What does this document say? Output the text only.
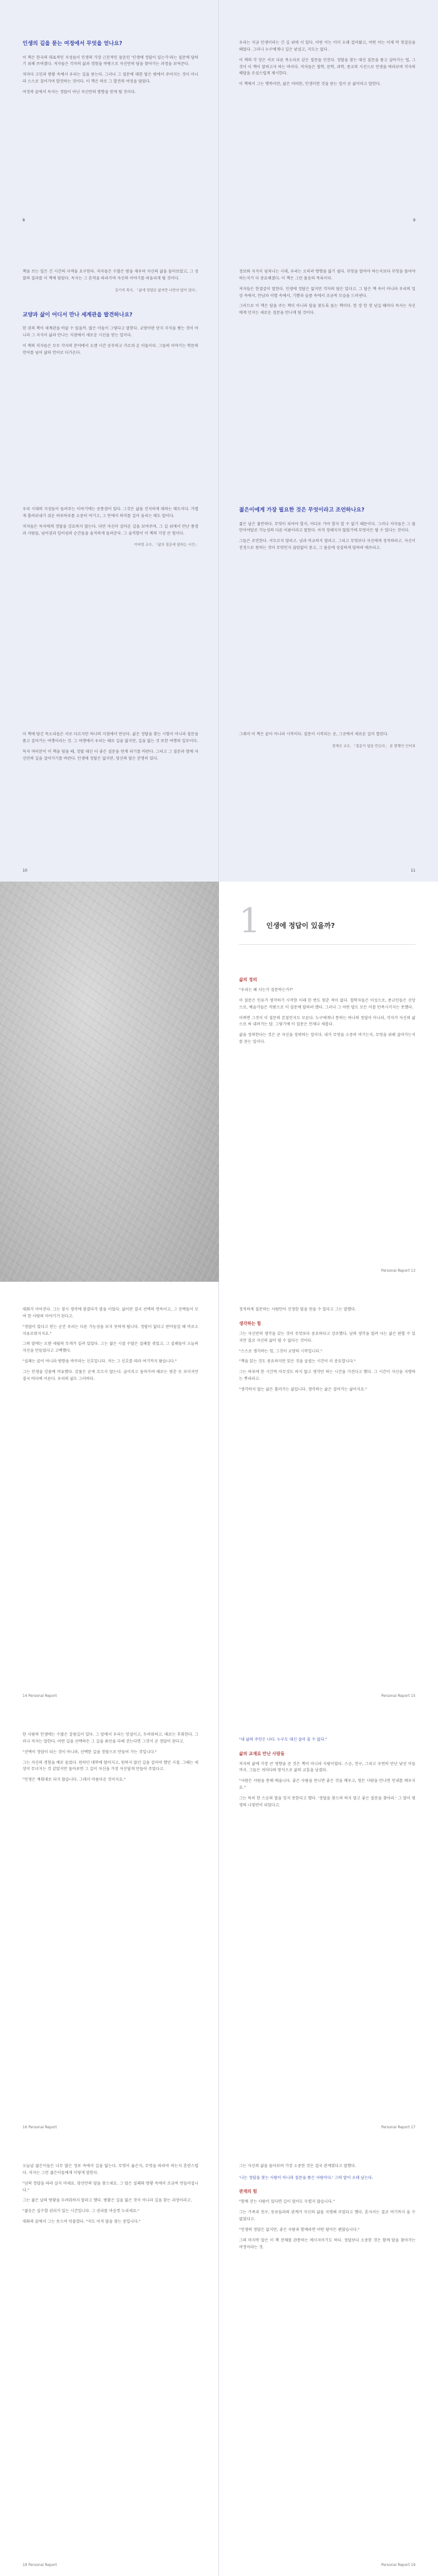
인생의 길을 묻는 여정에서 무엇을 얻나요?

이 책은 한국의 대표적인 지성들이 인생의 가장 근본적인 물음인 '인생에 정답이 있는가'라는 질문에 답하기 위해 쓰여졌다. 저자들은 각자의 삶과 경험을 바탕으로 자신만의 답을 찾아가는 과정을 보여준다.

저마다 고민과 방황 속에서 우리는 길을 묻는다. 그러나 그 질문에 대한 답은 밖에서 주어지는 것이 아니라 스스로 걸어가며 발견하는 것이다. 이 책은 바로 그 발견의 여정을 담았다.

여정의 끝에서 독자는 정답이 아닌 자신만의 방향을 얻게 될 것이다.

8

우리는 지금 인생이라는 긴 길 위에 서 있다. 어떤 이는 이미 오래 걸어왔고, 어떤 이는 이제 막 첫걸음을 떼었다. 그러나 누구에게나 길은 낯설고, 지도는 없다.

이 책의 각 장은 서로 다른 목소리로 같은 질문을 던진다. 정답을 찾는 대신 질문을 품고 살아가는 법, 그것이 이 책이 말하고자 하는 바이다. 저자들은 철학, 문학, 과학, 종교의 시선으로 인생을 바라보며 각자의 해답을 조심스럽게 제시한다.

이 책에서 그는 행복이란, 삶은 어떠한, 인생이란 것을 묻는 일이 곧 삶이라고 말한다.

9

책을 쓰는 일은 긴 시간의 사색을 요구한다. 저자들은 수많은 밤을 새우며 자신의 삶을 돌아보았고, 그 성찰의 결과를 이 책에 담았다. 독자는 그 흔적을 따라가며 자신의 이야기를 떠올리게 될 것이다.

김기석 목사, 「삶에 정답은 없지만 나만의 답이 있다」
교양과 삶이 어디서 만나 세계관을 발견하나요?

한 권의 책이 세계관을 바꿀 수 있을까. 많은 이들이 그렇다고 말한다. 교양이란 단지 지식을 쌓는 것이 아니라 그 지식이 삶과 만나는 지점에서 새로운 시선을 얻는 일이다.

이 책의 저자들은 모두 각자의 분야에서 오랜 시간 공부하고 가르쳐 온 이들이다. 그들의 이야기는 학문의 언어를 넘어 삶의 언어로 다가온다.

정보와 지식이 넘쳐나는 시대, 우리는 오히려 방향을 잃기 쉽다. 무엇을 알아야 하는지보다 무엇을 물어야 하는지가 더 중요해졌다. 이 책은 그런 물음의 목록이다.

저자들은 한결같이 말한다. 인생에 정답은 없지만 각자의 답은 있다고. 그 답은 책 속이 아니라 우리의 일상 속에서, 만남과 이별 속에서, 기쁨과 슬픔 속에서 조금씩 모습을 드러낸다.

그러므로 이 책은 답을 주는 책이 아니라 답을 찾도록 돕는 책이다. 한 장 한 장 넘길 때마다 독자는 자신에게 던지는 새로운 질문을 만나게 될 것이다.

우리 시대의 지성들이 들려주는 이야기에는 공통점이 있다. 그것은 삶을 진지하게 대하는 태도이다. 가볍게 흘려보내기 쉬운 하루하루를 소중히 여기고, 그 안에서 의미를 길어 올리는 태도 말이다.

저자들은 독자에게 정답을 강요하지 않는다. 다만 자신이 걸어온 길을 보여주며, 그 길 위에서 만난 풍경과 사람들, 넘어짐과 일어섬의 순간들을 솔직하게 들려준다. 그 솔직함이 이 책의 가장 큰 힘이다.

이어령 교수, 「삶의 질문에 답하는 시간」
젊은이에게 가장 필요한 것은 무엇이라고 조언하나요?

젊은 날은 불안하다. 무엇이 되어야 할지, 어디로 가야 할지 알 수 없기 때문이다. 그러나 저자들은 그 불안이야말로 가능성의 다른 이름이라고 말한다. 아직 정해지지 않았기에 무엇이든 될 수 있다는 것이다.

그들은 조언한다. 서두르지 말라고. 남과 비교하지 말라고. 그리고 무엇보다 자신에게 정직하라고. 자신이 진정으로 원하는 것이 무엇인지 끊임없이 묻고, 그 물음에 성실하게 답하려 애쓰라고.

이 책에 담긴 목소리들은 서로 다르지만 하나의 지점에서 만난다. 삶은 정답을 찾는 시험이 아니라 질문을 품고 걸어가는 여행이라는 것. 그 여행에서 우리는 때로 길을 잃지만, 길을 잃는 것 또한 여행의 일부이다.

독자 여러분이 이 책을 덮을 때, 정답 대신 더 좋은 질문을 얻게 되기를 바란다. 그리고 그 질문과 함께 자신만의 길을 걸어가기를 바란다. 인생에 정답은 없지만, 당신의 답은 분명히 있다.

10

그래서 이 책은 끝이 아니라 시작이다. 질문이 시작되는 곳, 그곳에서 새로운 길이 열린다.

정재승 교수, 「질문이 답을 만든다」 본 발행인 인터뷰
11
1 인생에 정답이 있을까?
삶의 정의

"우리는 왜 사는가 질문하는가?"

이 질문은 인류가 생각하기 시작한 이래 한 번도 멈춘 적이 없다. 철학자들은 이성으로, 종교인들은 신앙으로, 예술가들은 작품으로 이 질문에 답하려 했다. 그러나 그 어떤 답도 모든 이를 만족시키지는 못했다.

어쩌면 그것이 이 질문의 본질인지도 모른다. 누구에게나 통하는 하나의 정답이 아니라, 각자가 자신의 삶으로 써 내려가는 답. 그렇기에 이 질문은 언제나 새롭다.

삶을 정의한다는 것은 곧 자신을 정의하는 일이다. 내가 무엇을 소중히 여기는지, 무엇을 위해 살아가는지를 묻는 일이다.

Personal Report 13

대화가 이어진다. 그는 잠시 생각에 잠겼다가 말을 이었다. 삶이란 결국 선택의 연속이고, 그 선택들이 모여 한 사람의 이야기가 된다고.

"정답이 있다고 믿는 순간 우리는 다른 가능성을 보지 못하게 됩니다. 정답이 없다고 받아들일 때 비로소 자유로워지지요."

그의 말에는 오랜 세월의 무게가 실려 있었다. 그는 젊은 시절 수많은 실패를 겪었고, 그 실패들이 오늘의 자신을 만들었다고 고백했다.

"실패는 끝이 아니라 방향을 바꾸라는 신호입니다. 저는 그 신호를 따라 여기까지 왔습니다."

그는 인생을 강물에 비유했다. 강물은 곧게 흐르지 않는다. 굽이치고 돌아가며 때로는 멈춘 듯 보이지만 결국 바다에 이른다. 우리의 삶도 그러하다.

14 Personal Report

정직하게 질문하는 사람만이 진정한 답을 얻을 수 있다고 그는 말했다.

생각하는 힘

그는 자신만의 생각을 갖는 것이 무엇보다 중요하다고 강조했다. 남의 생각을 빌려 사는 삶은 편할 수 있지만 결코 자신의 삶이 될 수 없다는 것이다.

"스스로 생각하는 힘, 그것이 교양의 시작입니다."

"책을 읽는 것도 중요하지만 읽은 것을 곱씹는 시간이 더 중요합니다."

그는 하루에 한 시간씩 아무것도 하지 않고 생각만 하는 시간을 가진다고 했다. 그 시간이 자신을 지탱하는 뿌리라고.

"생각하지 않는 삶은 흘러가는 삶입니다. 생각하는 삶은 걸어가는 삶이지요."

Personal Report 15

한 사람의 인생에는 수많은 갈림길이 있다. 그 앞에서 우리는 망설이고, 두려워하고, 때로는 후회한다. 그러나 저자는 말한다. 어떤 길을 선택하든 그 길을 최선을 다해 걷는다면 그것이 곧 정답이 된다고.

"선택이 정답이 되는 것이 아니라, 선택한 길을 정답으로 만들어 가는 것입니다."

그는 자신의 경험을 예로 들었다. 원하던 대학에 떨어지고, 원하지 않던 길을 걸어야 했던 시절. 그때는 세상이 무너지는 것 같았지만 돌아보면 그 길이 자신을 가장 자신답게 만들어 주었다고.

"인생은 계획대로 되지 않습니다. 그래서 아름다운 것이지요."

16 Personal Report
"내 삶의 주인은 나다. 누구도 대신 살아 줄 수 없다."
삶의 교재로 만난 사람들

저자의 삶에 가장 큰 영향을 준 것은 책이 아니라 사람이었다. 스승, 친구, 그리고 우연히 만난 낯선 이들까지. 그들은 저마다의 방식으로 삶의 교훈을 남겼다.

"사람은 사람을 통해 배웁니다. 좋은 사람을 만나면 좋은 것을 배우고, 힘든 사람을 만나면 인내를 배우지요."

그는 특히 한 스승의 말을 잊지 못한다고 했다. '정답을 찾으려 하지 말고 좋은 질문을 찾아라.' 그 말이 평생의 나침반이 되었다고.

Personal Report 17

오늘날 젊은이들은 너무 많은 정보 속에서 길을 잃는다. 무엇이 옳은지, 무엇을 따라야 하는지 혼란스럽다. 저자는 그런 젊은이들에게 이렇게 말한다.

"남의 정답을 따라 살지 마세요. 당신만의 답을 찾으세요. 그 답은 실패와 방황 속에서 조금씩 만들어집니다."

그는 젊은 날의 방황을 두려워하지 말라고 했다. 방황은 길을 잃은 것이 아니라 길을 찾는 과정이라고.

"젊음은 실수할 권리가 있는 시간입니다. 그 권리를 마음껏 누리세요."

대화의 끝에서 그는 웃으며 덧붙였다. "저도 아직 답을 찾는 중입니다."

18 Personal Report

그는 자신의 삶을 돌아보며 가장 소중한 것은 결국 관계였다고 말했다.

'나는 정답을 찾는 사람이 아니라 질문을 품은 사람이다.' 그의 말이 오래 남는다.
관계의 힘

"함께 걷는 사람이 있다면 길이 멀어도 두렵지 않습니다."

그는 가족과 친구, 동료들과의 관계가 자신의 삶을 지탱해 주었다고 했다. 혼자서는 결코 여기까지 올 수 없었다고.

"인생의 정답은 없지만, 좋은 사람과 함께라면 어떤 답이든 괜찮습니다."

그의 마지막 말은 이 책 전체를 관통하는 메시지이기도 하다. 정답보다 소중한 것은 함께 답을 찾아가는 여정이라는 것.

Personal Report 19
